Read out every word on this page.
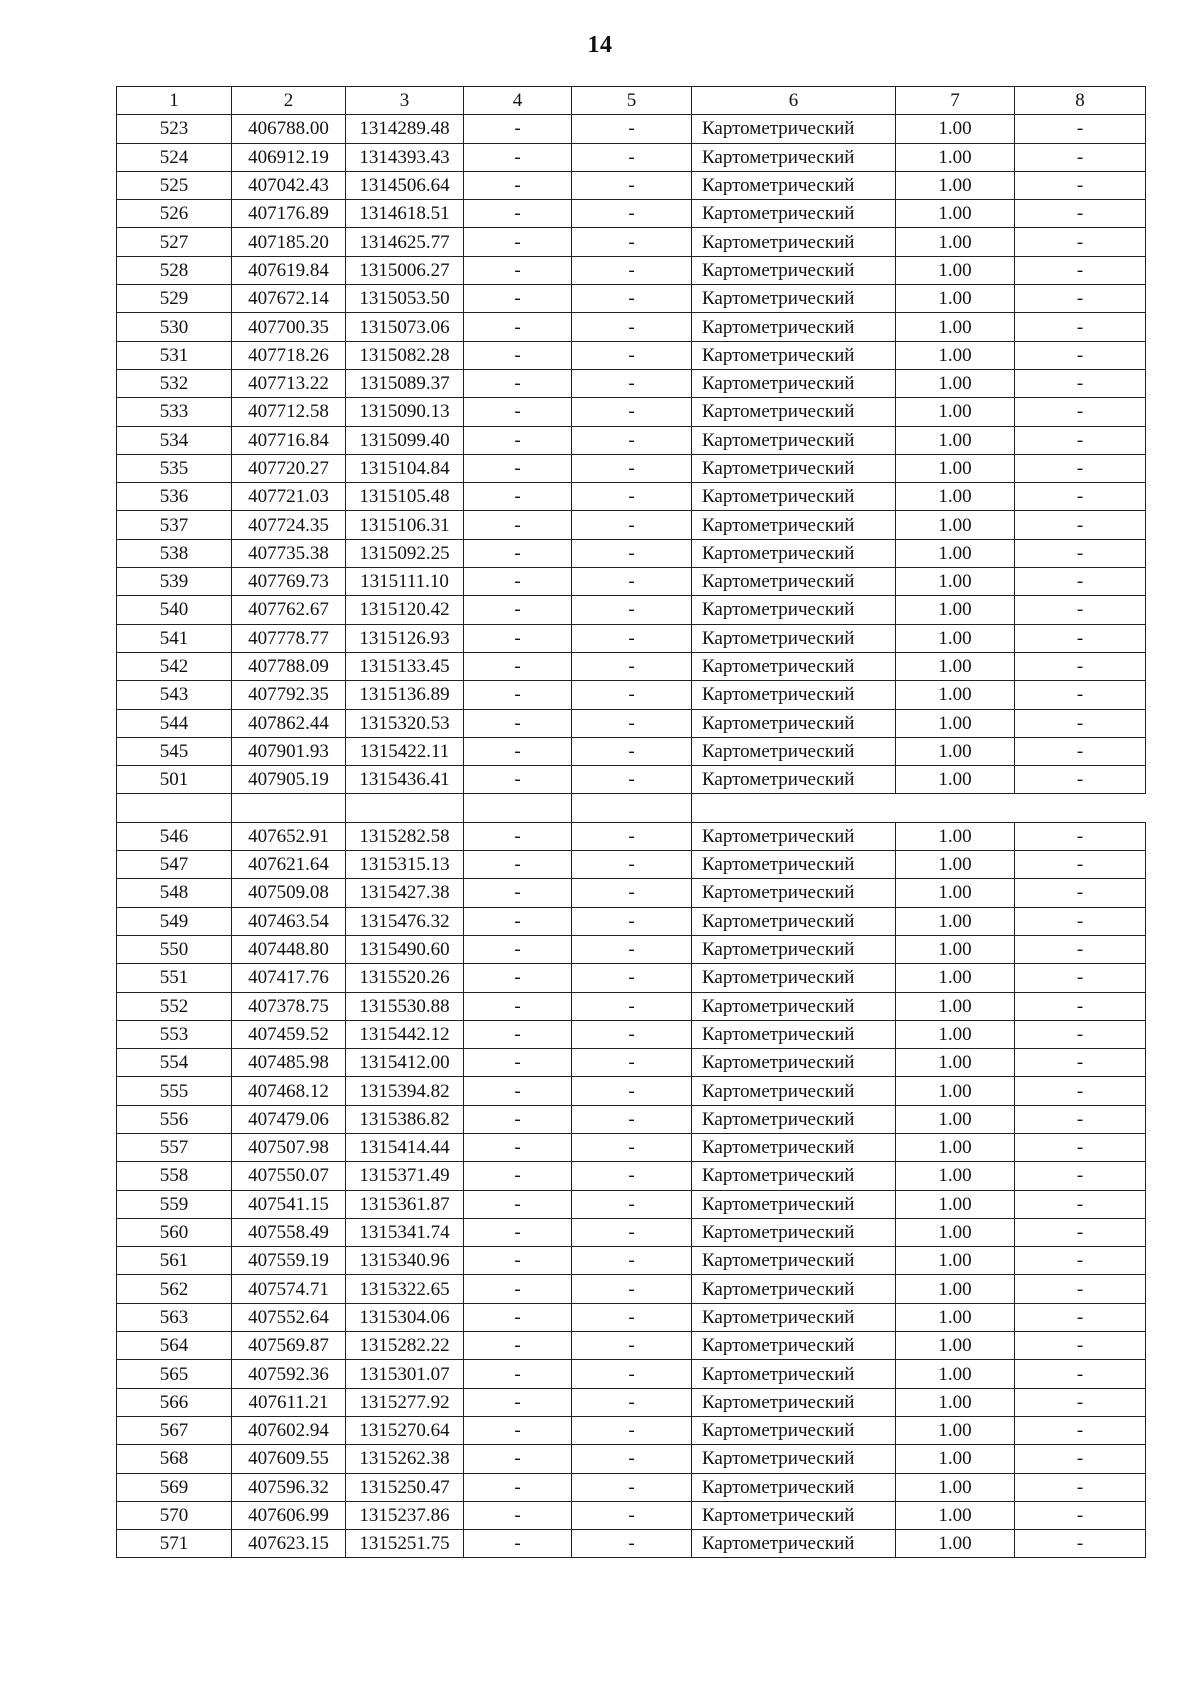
14
1	2	3	4	5	6	7	8
523	406788.00	1314289.48	-	-	Картометрический	1.00	-
524	406912.19	1314393.43	-	-	Картометрический	1.00	-
525	407042.43	1314506.64	-	-	Картометрический	1.00	-
526	407176.89	1314618.51	-	-	Картометрический	1.00	-
527	407185.20	1314625.77	-	-	Картометрический	1.00	-
528	407619.84	1315006.27	-	-	Картометрический	1.00	-
529	407672.14	1315053.50	-	-	Картометрический	1.00	-
530	407700.35	1315073.06	-	-	Картометрический	1.00	-
531	407718.26	1315082.28	-	-	Картометрический	1.00	-
532	407713.22	1315089.37	-	-	Картометрический	1.00	-
533	407712.58	1315090.13	-	-	Картометрический	1.00	-
534	407716.84	1315099.40	-	-	Картометрический	1.00	-
535	407720.27	1315104.84	-	-	Картометрический	1.00	-
536	407721.03	1315105.48	-	-	Картометрический	1.00	-
537	407724.35	1315106.31	-	-	Картометрический	1.00	-
538	407735.38	1315092.25	-	-	Картометрический	1.00	-
539	407769.73	1315111.10	-	-	Картометрический	1.00	-
540	407762.67	1315120.42	-	-	Картометрический	1.00	-
541	407778.77	1315126.93	-	-	Картометрический	1.00	-
542	407788.09	1315133.45	-	-	Картометрический	1.00	-
543	407792.35	1315136.89	-	-	Картометрический	1.00	-
544	407862.44	1315320.53	-	-	Картометрический	1.00	-
545	407901.93	1315422.11	-	-	Картометрический	1.00	-
501	407905.19	1315436.41	-	-	Картометрический	1.00	-

546	407652.91	1315282.58	-	-	Картометрический	1.00	-
547	407621.64	1315315.13	-	-	Картометрический	1.00	-
548	407509.08	1315427.38	-	-	Картометрический	1.00	-
549	407463.54	1315476.32	-	-	Картометрический	1.00	-
550	407448.80	1315490.60	-	-	Картометрический	1.00	-
551	407417.76	1315520.26	-	-	Картометрический	1.00	-
552	407378.75	1315530.88	-	-	Картометрический	1.00	-
553	407459.52	1315442.12	-	-	Картометрический	1.00	-
554	407485.98	1315412.00	-	-	Картометрический	1.00	-
555	407468.12	1315394.82	-	-	Картометрический	1.00	-
556	407479.06	1315386.82	-	-	Картометрический	1.00	-
557	407507.98	1315414.44	-	-	Картометрический	1.00	-
558	407550.07	1315371.49	-	-	Картометрический	1.00	-
559	407541.15	1315361.87	-	-	Картометрический	1.00	-
560	407558.49	1315341.74	-	-	Картометрический	1.00	-
561	407559.19	1315340.96	-	-	Картометрический	1.00	-
562	407574.71	1315322.65	-	-	Картометрический	1.00	-
563	407552.64	1315304.06	-	-	Картометрический	1.00	-
564	407569.87	1315282.22	-	-	Картометрический	1.00	-
565	407592.36	1315301.07	-	-	Картометрический	1.00	-
566	407611.21	1315277.92	-	-	Картометрический	1.00	-
567	407602.94	1315270.64	-	-	Картометрический	1.00	-
568	407609.55	1315262.38	-	-	Картометрический	1.00	-
569	407596.32	1315250.47	-	-	Картометрический	1.00	-
570	407606.99	1315237.86	-	-	Картометрический	1.00	-
571	407623.15	1315251.75	-	-	Картометрический	1.00	-
